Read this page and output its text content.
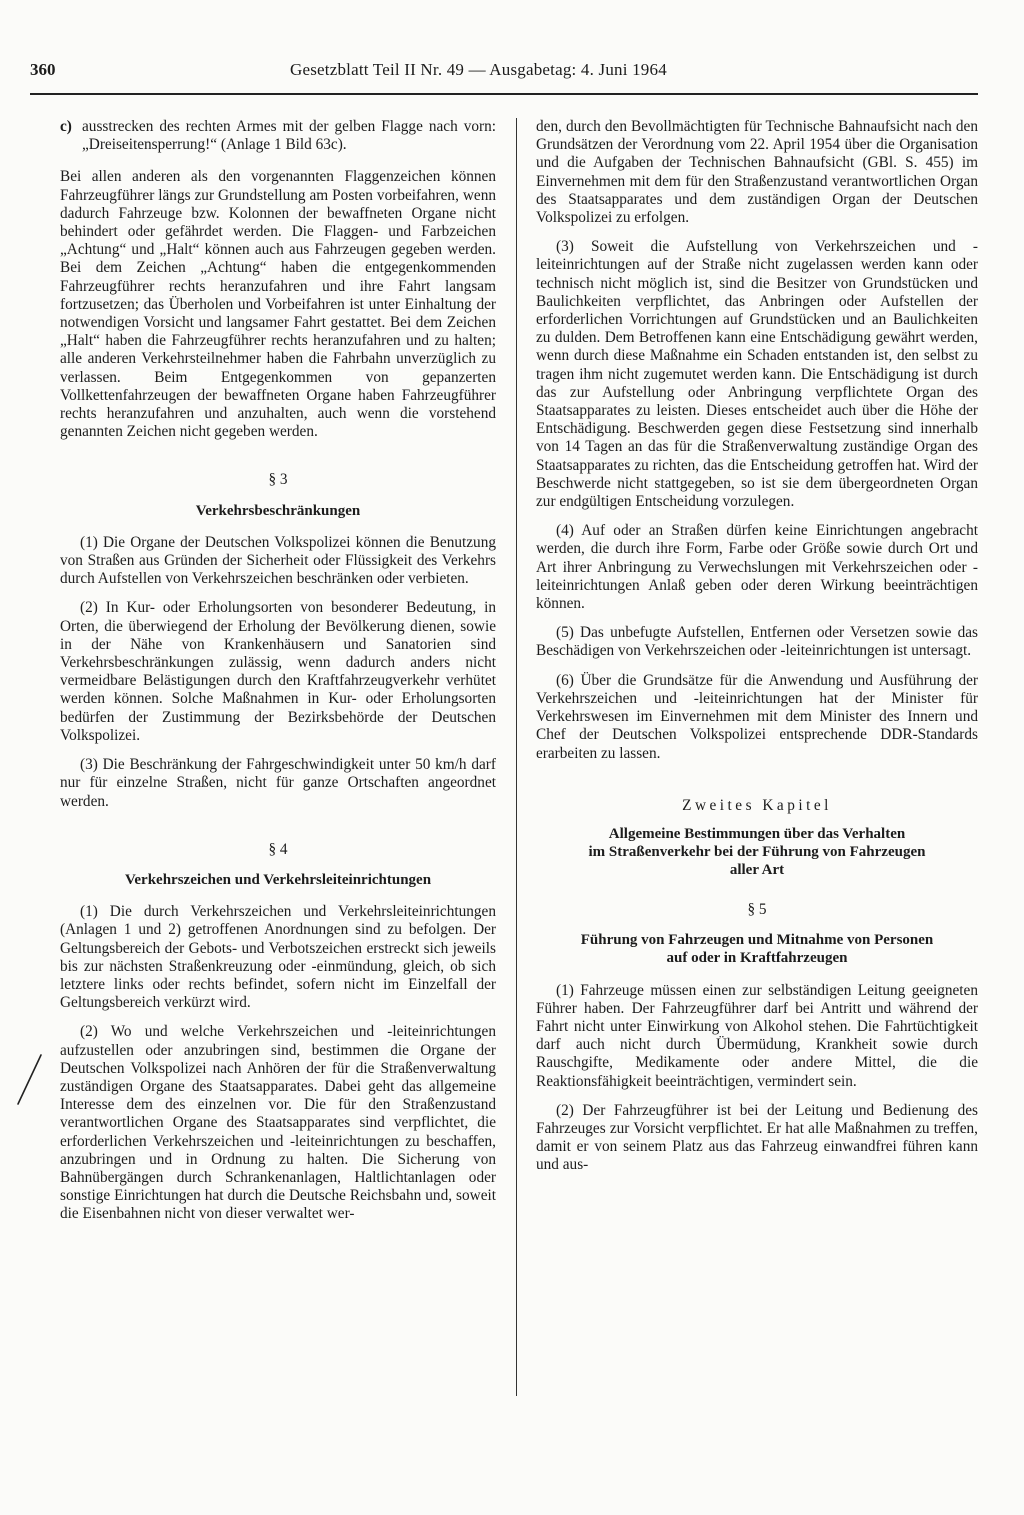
360	Gesetzblatt Teil II Nr. 49 — Ausgabetag: 4. Juni 1964

c) ausstrecken des rechten Armes mit der gelben Flagge nach vorn: „Dreiseitensperrung!“ (Anlage 1 Bild 63c).

Bei allen anderen als den vorgenannten Flaggenzeichen können Fahrzeugführer längs zur Grundstellung am Posten vorbeifahren, wenn dadurch Fahrzeuge bzw. Kolonnen der bewaffneten Organe nicht behindert oder gefährdet werden. Die Flaggen- und Farbzeichen „Achtung“ und „Halt“ können auch aus Fahrzeugen gegeben werden. Bei dem Zeichen „Achtung“ haben die entgegenkommenden Fahrzeugführer rechts heranzufahren und ihre Fahrt langsam fortzusetzen; das Überholen und Vorbeifahren ist unter Einhaltung der notwendigen Vorsicht und langsamer Fahrt gestattet. Bei dem Zeichen „Halt“ haben die Fahrzeugführer rechts heranzufahren und zu halten; alle anderen Verkehrsteilnehmer haben die Fahrbahn unverzüglich zu verlassen. Beim Entgegenkommen von gepanzerten Vollkettenfahrzeugen der bewaffneten Organe haben Fahrzeugführer rechts heranzufahren und anzuhalten, auch wenn die vorstehend genannten Zeichen nicht gegeben werden.

§ 3
Verkehrsbeschränkungen

(1) Die Organe der Deutschen Volkspolizei können die Benutzung von Straßen aus Gründen der Sicherheit oder Flüssigkeit des Verkehrs durch Aufstellen von Verkehrszeichen beschränken oder verbieten.

(2) In Kur- oder Erholungsorten von besonderer Bedeutung, in Orten, die überwiegend der Erholung der Bevölkerung dienen, sowie in der Nähe von Krankenhäusern und Sanatorien sind Verkehrsbeschränkungen zulässig, wenn dadurch anders nicht vermeidbare Belästigungen durch den Kraftfahrzeugverkehr verhütet werden können. Solche Maßnahmen in Kur- oder Erholungsorten bedürfen der Zustimmung der Bezirksbehörde der Deutschen Volkspolizei.

(3) Die Beschränkung der Fahrgeschwindigkeit unter 50 km/h darf nur für einzelne Straßen, nicht für ganze Ortschaften angeordnet werden.

§ 4
Verkehrszeichen und Verkehrsleiteinrichtungen

(1) Die durch Verkehrszeichen und Verkehrsleiteinrichtungen (Anlagen 1 und 2) getroffenen Anordnungen sind zu befolgen. Der Geltungsbereich der Gebots- und Verbotszeichen erstreckt sich jeweils bis zur nächsten Straßenkreuzung oder -einmündung, gleich, ob sich letztere links oder rechts befindet, sofern nicht im Einzelfall der Geltungsbereich verkürzt wird.

(2) Wo und welche Verkehrszeichen und -leiteinrichtungen aufzustellen oder anzubringen sind, bestimmen die Organe der Deutschen Volkspolizei nach Anhören der für die Straßenverwaltung zuständigen Organe des Staatsapparates. Dabei geht das allgemeine Interesse dem des einzelnen vor. Die für den Straßenzustand verantwortlichen Organe des Staatsapparates sind verpflichtet, die erforderlichen Verkehrszeichen und -leiteinrichtungen zu beschaffen, anzubringen und in Ordnung zu halten. Die Sicherung von Bahnübergängen durch Schrankenanlagen, Haltlichtanlagen oder sonstige Einrichtungen hat durch die Deutsche Reichsbahn und, soweit die Eisenbahnen nicht von dieser verwaltet wer-

den, durch den Bevollmächtigten für Technische Bahnaufsicht nach den Grundsätzen der Verordnung vom 22. April 1954 über die Organisation und die Aufgaben der Technischen Bahnaufsicht (GBl. S. 455) im Einvernehmen mit dem für den Straßenzustand verantwortlichen Organ des Staatsapparates und dem zuständigen Organ der Deutschen Volkspolizei zu erfolgen.

(3) Soweit die Aufstellung von Verkehrszeichen und -leiteinrichtungen auf der Straße nicht zugelassen werden kann oder technisch nicht möglich ist, sind die Besitzer von Grundstücken und Baulichkeiten verpflichtet, das Anbringen oder Aufstellen der erforderlichen Vorrichtungen auf Grundstücken und an Baulichkeiten zu dulden. Dem Betroffenen kann eine Entschädigung gewährt werden, wenn durch diese Maßnahme ein Schaden entstanden ist, den selbst zu tragen ihm nicht zugemutet werden kann. Die Entschädigung ist durch das zur Aufstellung oder Anbringung verpflichtete Organ des Staatsapparates zu leisten. Dieses entscheidet auch über die Höhe der Entschädigung. Beschwerden gegen diese Festsetzung sind innerhalb von 14 Tagen an das für die Straßenverwaltung zuständige Organ des Staatsapparates zu richten, das die Entscheidung getroffen hat. Wird der Beschwerde nicht stattgegeben, so ist sie dem übergeordneten Organ zur endgültigen Entscheidung vorzulegen.

(4) Auf oder an Straßen dürfen keine Einrichtungen angebracht werden, die durch ihre Form, Farbe oder Größe sowie durch Ort und Art ihrer Anbringung zu Verwechslungen mit Verkehrszeichen oder -leiteinrichtungen Anlaß geben oder deren Wirkung beeinträchtigen können.

(5) Das unbefugte Aufstellen, Entfernen oder Versetzen sowie das Beschädigen von Verkehrszeichen oder -leiteinrichtungen ist untersagt.

(6) Über die Grundsätze für die Anwendung und Ausführung der Verkehrszeichen und -leiteinrichtungen hat der Minister für Verkehrswesen im Einvernehmen mit dem Minister des Innern und Chef der Deutschen Volkspolizei entsprechende DDR-Standards erarbeiten zu lassen.

Zweites Kapitel
Allgemeine Bestimmungen über das Verhalten
im Straßenverkehr bei der Führung von Fahrzeugen
aller Art
§ 5
Führung von Fahrzeugen und Mitnahme von Personen
auf oder in Kraftfahrzeugen

(1) Fahrzeuge müssen einen zur selbständigen Leitung geeigneten Führer haben. Der Fahrzeugführer darf bei Antritt und während der Fahrt nicht unter Einwirkung von Alkohol stehen. Die Fahrtüchtigkeit darf auch nicht durch Übermüdung, Krankheit sowie durch Rauschgifte, Medikamente oder andere Mittel, die die Reaktionsfähigkeit beeinträchtigen, vermindert sein.

(2) Der Fahrzeugführer ist bei der Leitung und Bedienung des Fahrzeuges zur Vorsicht verpflichtet. Er hat alle Maßnahmen zu treffen, damit er von seinem Platz aus das Fahrzeug einwandfrei führen kann und aus-
